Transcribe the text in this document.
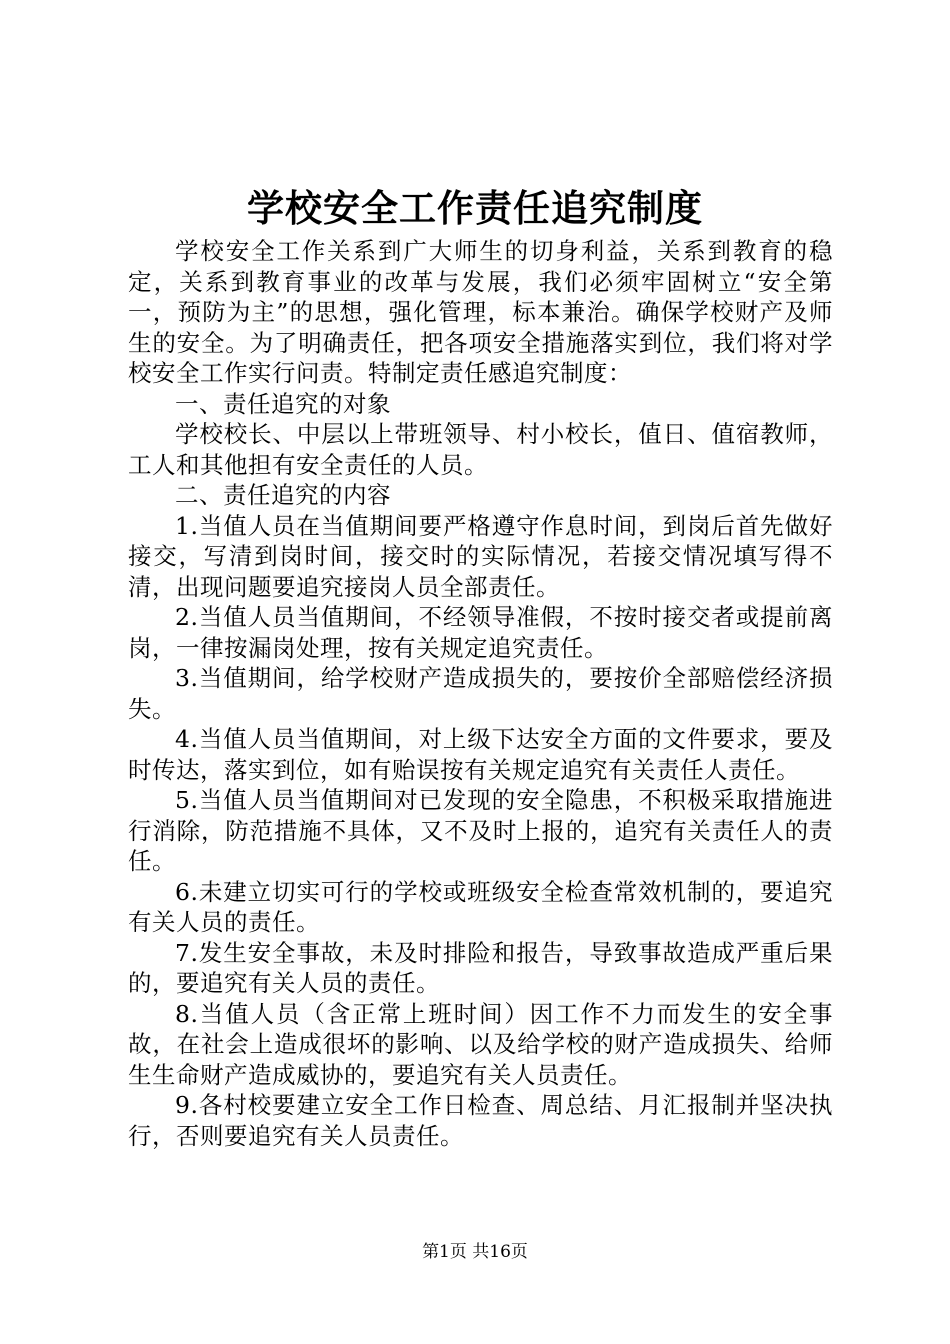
学校安全工作责任追究制度

学校安全工作关系到广大师生的切身利益，关系到教育的稳定，关系到教育事业的改革与发展，我们必须牢固树立“安全第一，预防为主”的思想，强化管理，标本兼治。确保学校财产及师生的安全。为了明确责任，把各项安全措施落实到位，我们将对学校安全工作实行问责。特制定责任感追究制度：

一、责任追究的对象

学校校长、中层以上带班领导、村小校长，值日、值宿教师，工人和其他担有安全责任的人员。

二、责任追究的内容

1.当值人员在当值期间要严格遵守作息时间，到岗后首先做好接交，写清到岗时间，接交时的实际情况，若接交情况填写得不清，出现问题要追究接岗人员全部责任。

2.当值人员当值期间，不经领导准假，不按时接交者或提前离岗，一律按漏岗处理，按有关规定追究责任。

3.当值期间，给学校财产造成损失的，要按价全部赔偿经济损失。

4.当值人员当值期间，对上级下达安全方面的文件要求，要及时传达，落实到位，如有贻误按有关规定追究有关责任人责任。

5.当值人员当值期间对已发现的安全隐患，不积极采取措施进行消除，防范措施不具体，又不及时上报的，追究有关责任人的责任。

6.未建立切实可行的学校或班级安全检查常效机制的，要追究有关人员的责任。

7.发生安全事故，未及时排险和报告，导致事故造成严重后果的，要追究有关人员的责任。

8.当值人员（含正常上班时间）因工作不力而发生的安全事故，在社会上造成很坏的影响、以及给学校的财产造成损失、给师生生命财产造成威协的，要追究有关人员责任。

9.各村校要建立安全工作日检查、周总结、月汇报制并坚决执行，否则要追究有关人员责任。

第1页 共16页
